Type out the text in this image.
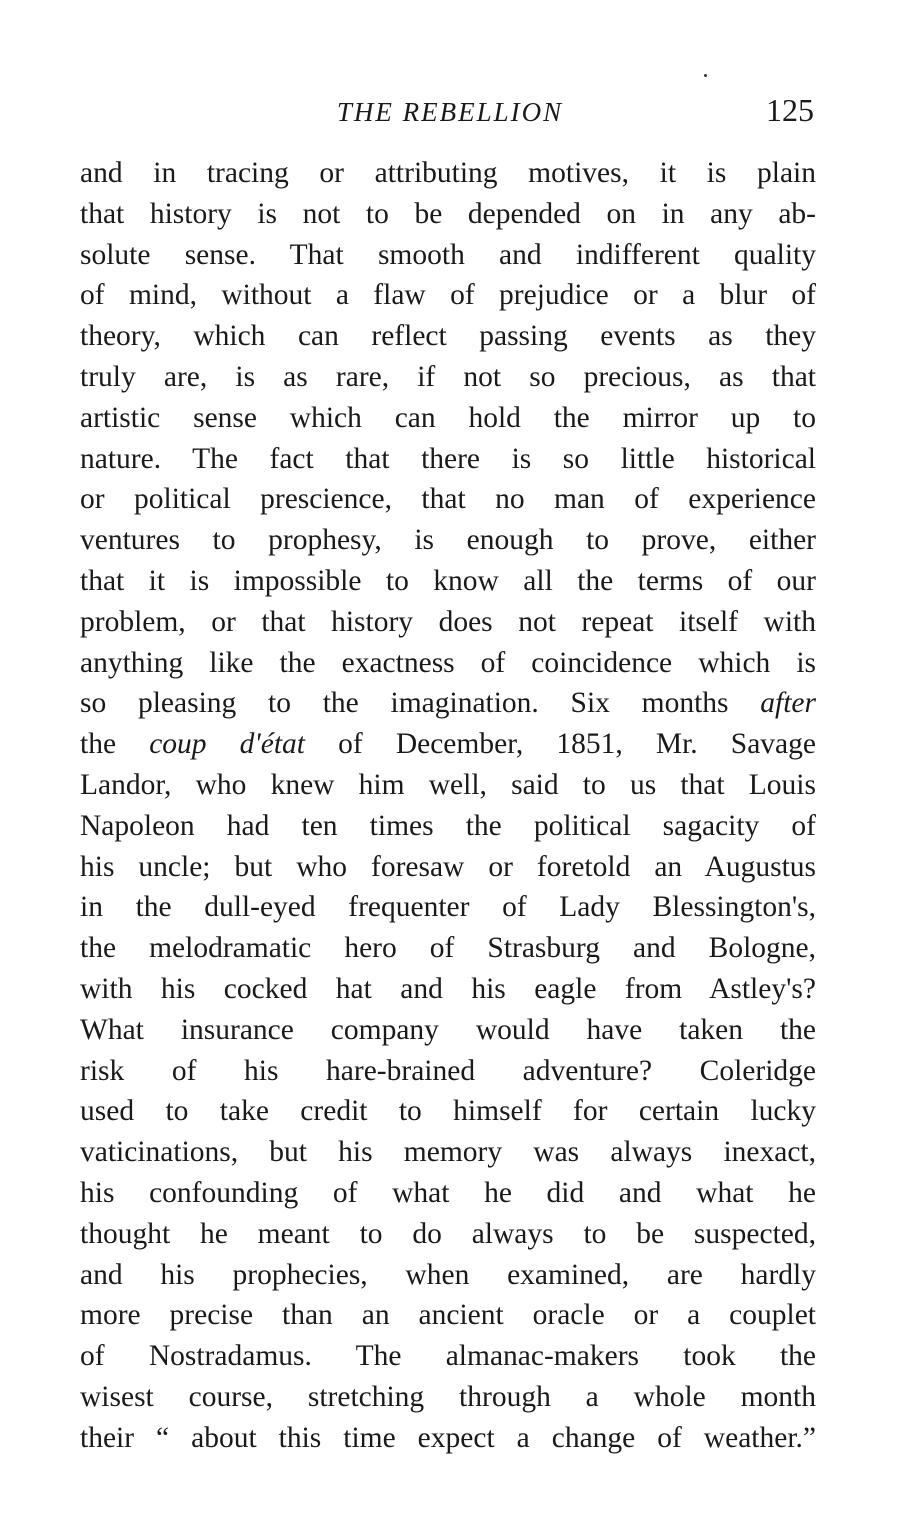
THE REBELLION	125
and in tracing or attributing motives, it is plain
that history is not to be depended on in any ab-
solute sense. That smooth and indifferent quality
of mind, without a flaw of prejudice or a blur of
theory, which can reflect passing events as they
truly are, is as rare, if not so precious, as that
artistic sense which can hold the mirror up to
nature. The fact that there is so little historical
or political prescience, that no man of experience
ventures to prophesy, is enough to prove, either
that it is impossible to know all the terms of our
problem, or that history does not repeat itself with
anything like the exactness of coincidence which is
so pleasing to the imagination. Six months after
the coup d'état of December, 1851, Mr. Savage
Landor, who knew him well, said to us that Louis
Napoleon had ten times the political sagacity of
his uncle; but who foresaw or foretold an Augustus
in the dull-eyed frequenter of Lady Blessington's,
the melodramatic hero of Strasburg and Bologne,
with his cocked hat and his eagle from Astley's?
What insurance company would have taken the
risk of his hare-brained adventure? Coleridge
used to take credit to himself for certain lucky
vaticinations, but his memory was always inexact,
his confounding of what he did and what he
thought he meant to do always to be suspected,
and his prophecies, when examined, are hardly
more precise than an ancient oracle or a couplet
of Nostradamus. The almanac-makers took the
wisest course, stretching through a whole month
their “ about this time expect a change of weather.”
